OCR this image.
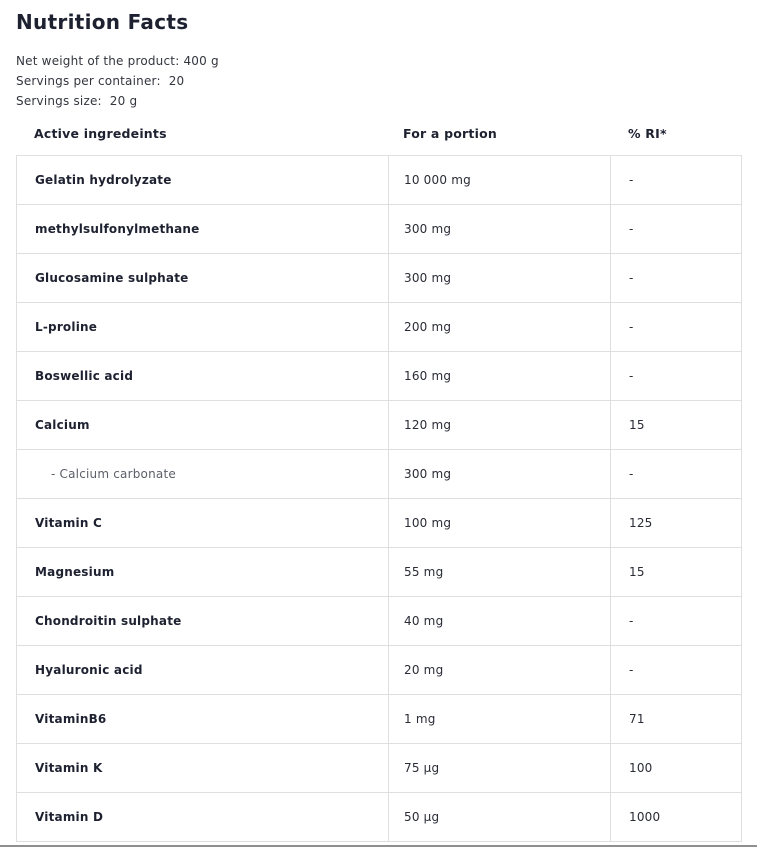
Nutrition Facts
Net weight of the product: 400 g
Servings per container:  20
Servings size:  20 g
Active ingredeints	For a portion	% RI*
Gelatin hydrolyzate	10 000 mg	-
methylsulfonylmethane	300 mg	-
Glucosamine sulphate	300 mg	-
L-proline	200 mg	-
Boswellic acid	160 mg	-
Calcium	120 mg	15
- Calcium carbonate	300 mg	-
Vitamin C	100 mg	125
Magnesium	55 mg	15
Chondroitin sulphate	40 mg	-
Hyaluronic acid	20 mg	-
VitaminB6	1 mg	71
Vitamin K	75 µg	100
Vitamin D	50 µg	1000
